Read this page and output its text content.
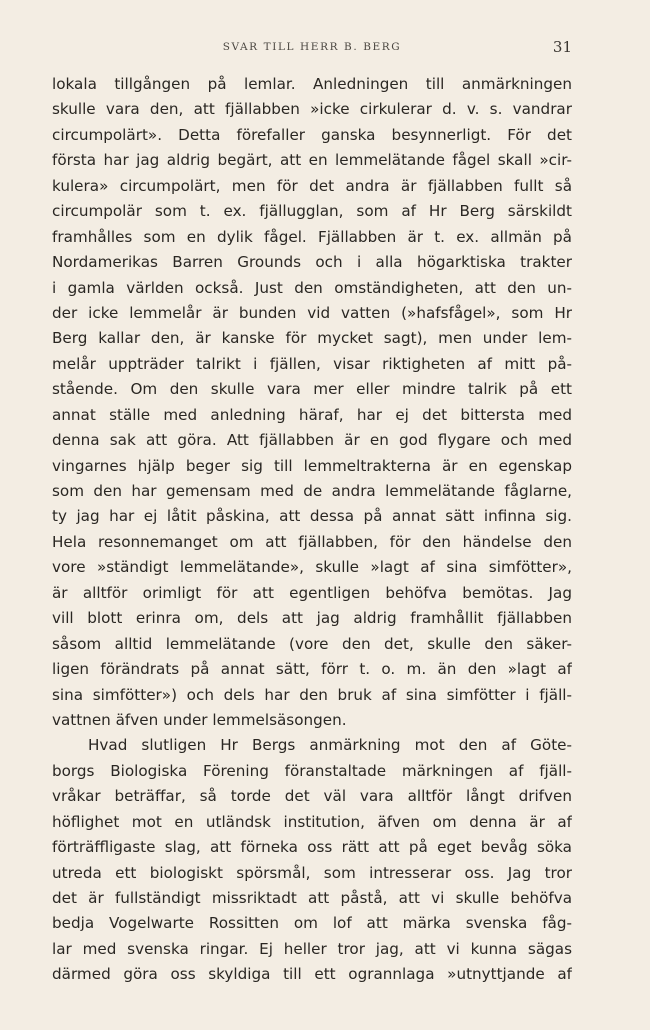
SVAR TILL HERR B. BERG	31
lokala tillgången på lemlar. Anledningen till anmärkningen
skulle vara den, att fjällabben »icke cirkulerar d. v. s. vandrar
circumpolärt». Detta förefaller ganska besynnerligt. För det
första har jag aldrig begärt, att en lemmelätande fågel skall »cir-
kulera» circumpolärt, men för det andra är fjällabben fullt så
circumpolär som t. ex. fjällugglan, som af Hr Berg särskildt
framhålles som en dylik fågel. Fjällabben är t. ex. allmän på
Nordamerikas Barren Grounds och i alla högarktiska trakter
i gamla världen också. Just den omständigheten, att den un-
der icke lemmelår är bunden vid vatten (»hafsfågel», som Hr
Berg kallar den, är kanske för mycket sagt), men under lem-
melår uppträder talrikt i fjällen, visar riktigheten af mitt på-
stående. Om den skulle vara mer eller mindre talrik på ett
annat ställe med anledning häraf, har ej det bittersta med
denna sak att göra. Att fjällabben är en god flygare och med
vingarnes hjälp beger sig till lemmeltrakterna är en egenskap
som den har gemensam med de andra lemmelätande fåglarne,
ty jag har ej låtit påskina, att dessa på annat sätt infinna sig.
Hela resonnemanget om att fjällabben, för den händelse den
vore »ständigt lemmelätande», skulle »lagt af sina simfötter»,
är alltför orimligt för att egentligen behöfva bemötas. Jag
vill blott erinra om, dels att jag aldrig framhållit fjällabben
såsom alltid lemmelätande (vore den det, skulle den säker-
ligen förändrats på annat sätt, förr t. o. m. än den »lagt af
sina simfötter») och dels har den bruk af sina simfötter i fjäll-
vattnen äfven under lemmelsäsongen.
Hvad slutligen Hr Bergs anmärkning mot den af Göte-
borgs Biologiska Förening föranstaltade märkningen af fjäll-
vråkar beträffar, så torde det väl vara alltför långt drifven
höflighet mot en utländsk institution, äfven om denna är af
förträffligaste slag, att förneka oss rätt att på eget bevåg söka
utreda ett biologiskt spörsmål, som intresserar oss. Jag tror
det är fullständigt missriktadt att påstå, att vi skulle behöfva
bedja Vogelwarte Rossitten om lof att märka svenska fåg-
lar med svenska ringar. Ej heller tror jag, att vi kunna sägas
därmed göra oss skyldiga till ett ogrannlaga »utnyttjande af
